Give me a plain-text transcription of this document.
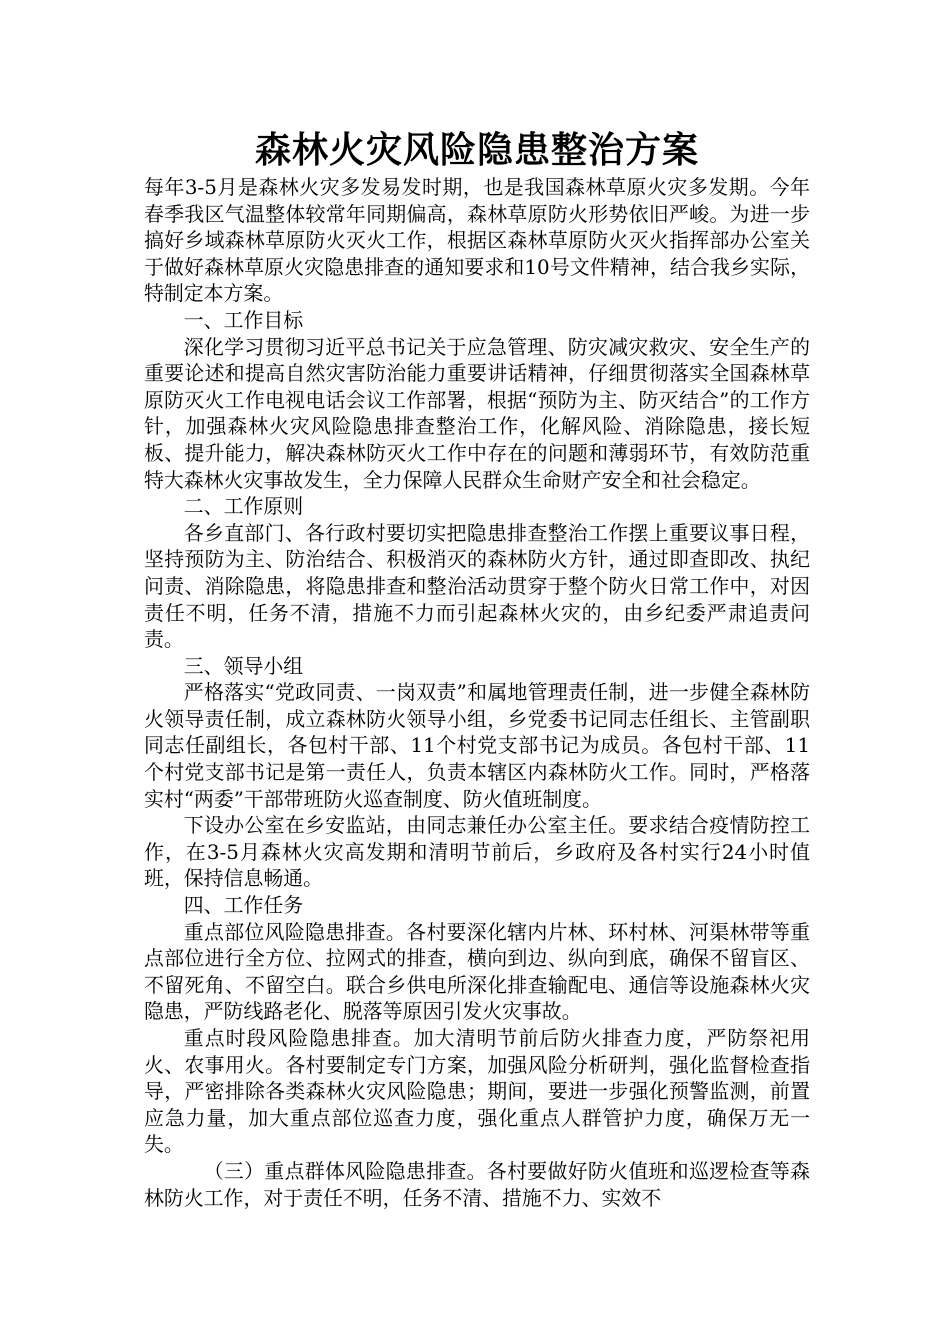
森林火灾风险隐患整治方案

每年3-5月是森林火灾多发易发时期，也是我国森林草原火灾多发期。今年春季我区气温整体较常年同期偏高，森林草原防火形势依旧严峻。为进一步搞好乡域森林草原防火灭火工作，根据区森林草原防火灭火指挥部办公室关于做好森林草原火灾隐患排查的通知要求和10号文件精神，结合我乡实际，特制定本方案。

一、工作目标

深化学习贯彻习近平总书记关于应急管理、防灾减灾救灾、安全生产的重要论述和提高自然灾害防治能力重要讲话精神，仔细贯彻落实全国森林草原防灭火工作电视电话会议工作部署，根据“预防为主、防灭结合”的工作方针，加强森林火灾风险隐患排查整治工作，化解风险、消除隐患，接长短板、提升能力，解决森林防灭火工作中存在的问题和薄弱环节，有效防范重特大森林火灾事故发生，全力保障人民群众生命财产安全和社会稳定。

二、工作原则

各乡直部门、各行政村要切实把隐患排查整治工作摆上重要议事日程，坚持预防为主、防治结合、积极消灭的森林防火方针，通过即查即改、执纪问责、消除隐患，将隐患排查和整治活动贯穿于整个防火日常工作中，对因责任不明，任务不清，措施不力而引起森林火灾的，由乡纪委严肃追责问责。

三、领导小组

严格落实“党政同责、一岗双责”和属地管理责任制，进一步健全森林防火领导责任制，成立森林防火领导小组，乡党委书记同志任组长、主管副职同志任副组长，各包村干部、11个村党支部书记为成员。各包村干部、11个村党支部书记是第一责任人，负责本辖区内森林防火工作。同时，严格落实村“两委”干部带班防火巡查制度、防火值班制度。

下设办公室在乡安监站，由同志兼任办公室主任。要求结合疫情防控工作，在3-5月森林火灾高发期和清明节前后，乡政府及各村实行24小时值班，保持信息畅通。

四、工作任务

重点部位风险隐患排查。各村要深化辖内片林、环村林、河渠林带等重点部位进行全方位、拉网式的排查，横向到边、纵向到底，确保不留盲区、不留死角、不留空白。联合乡供电所深化排查输配电、通信等设施森林火灾隐患，严防线路老化、脱落等原因引发火灾事故。

重点时段风险隐患排查。加大清明节前后防火排查力度，严防祭祀用火、农事用火。各村要制定专门方案，加强风险分析研判，强化监督检查指导，严密排除各类森林火灾风险隐患；期间，要进一步强化预警监测，前置应急力量，加大重点部位巡查力度，强化重点人群管护力度，确保万无一失。

（三）重点群体风险隐患排查。各村要做好防火值班和巡逻检查等森林防火工作，对于责任不明，任务不清、措施不力、实效不
